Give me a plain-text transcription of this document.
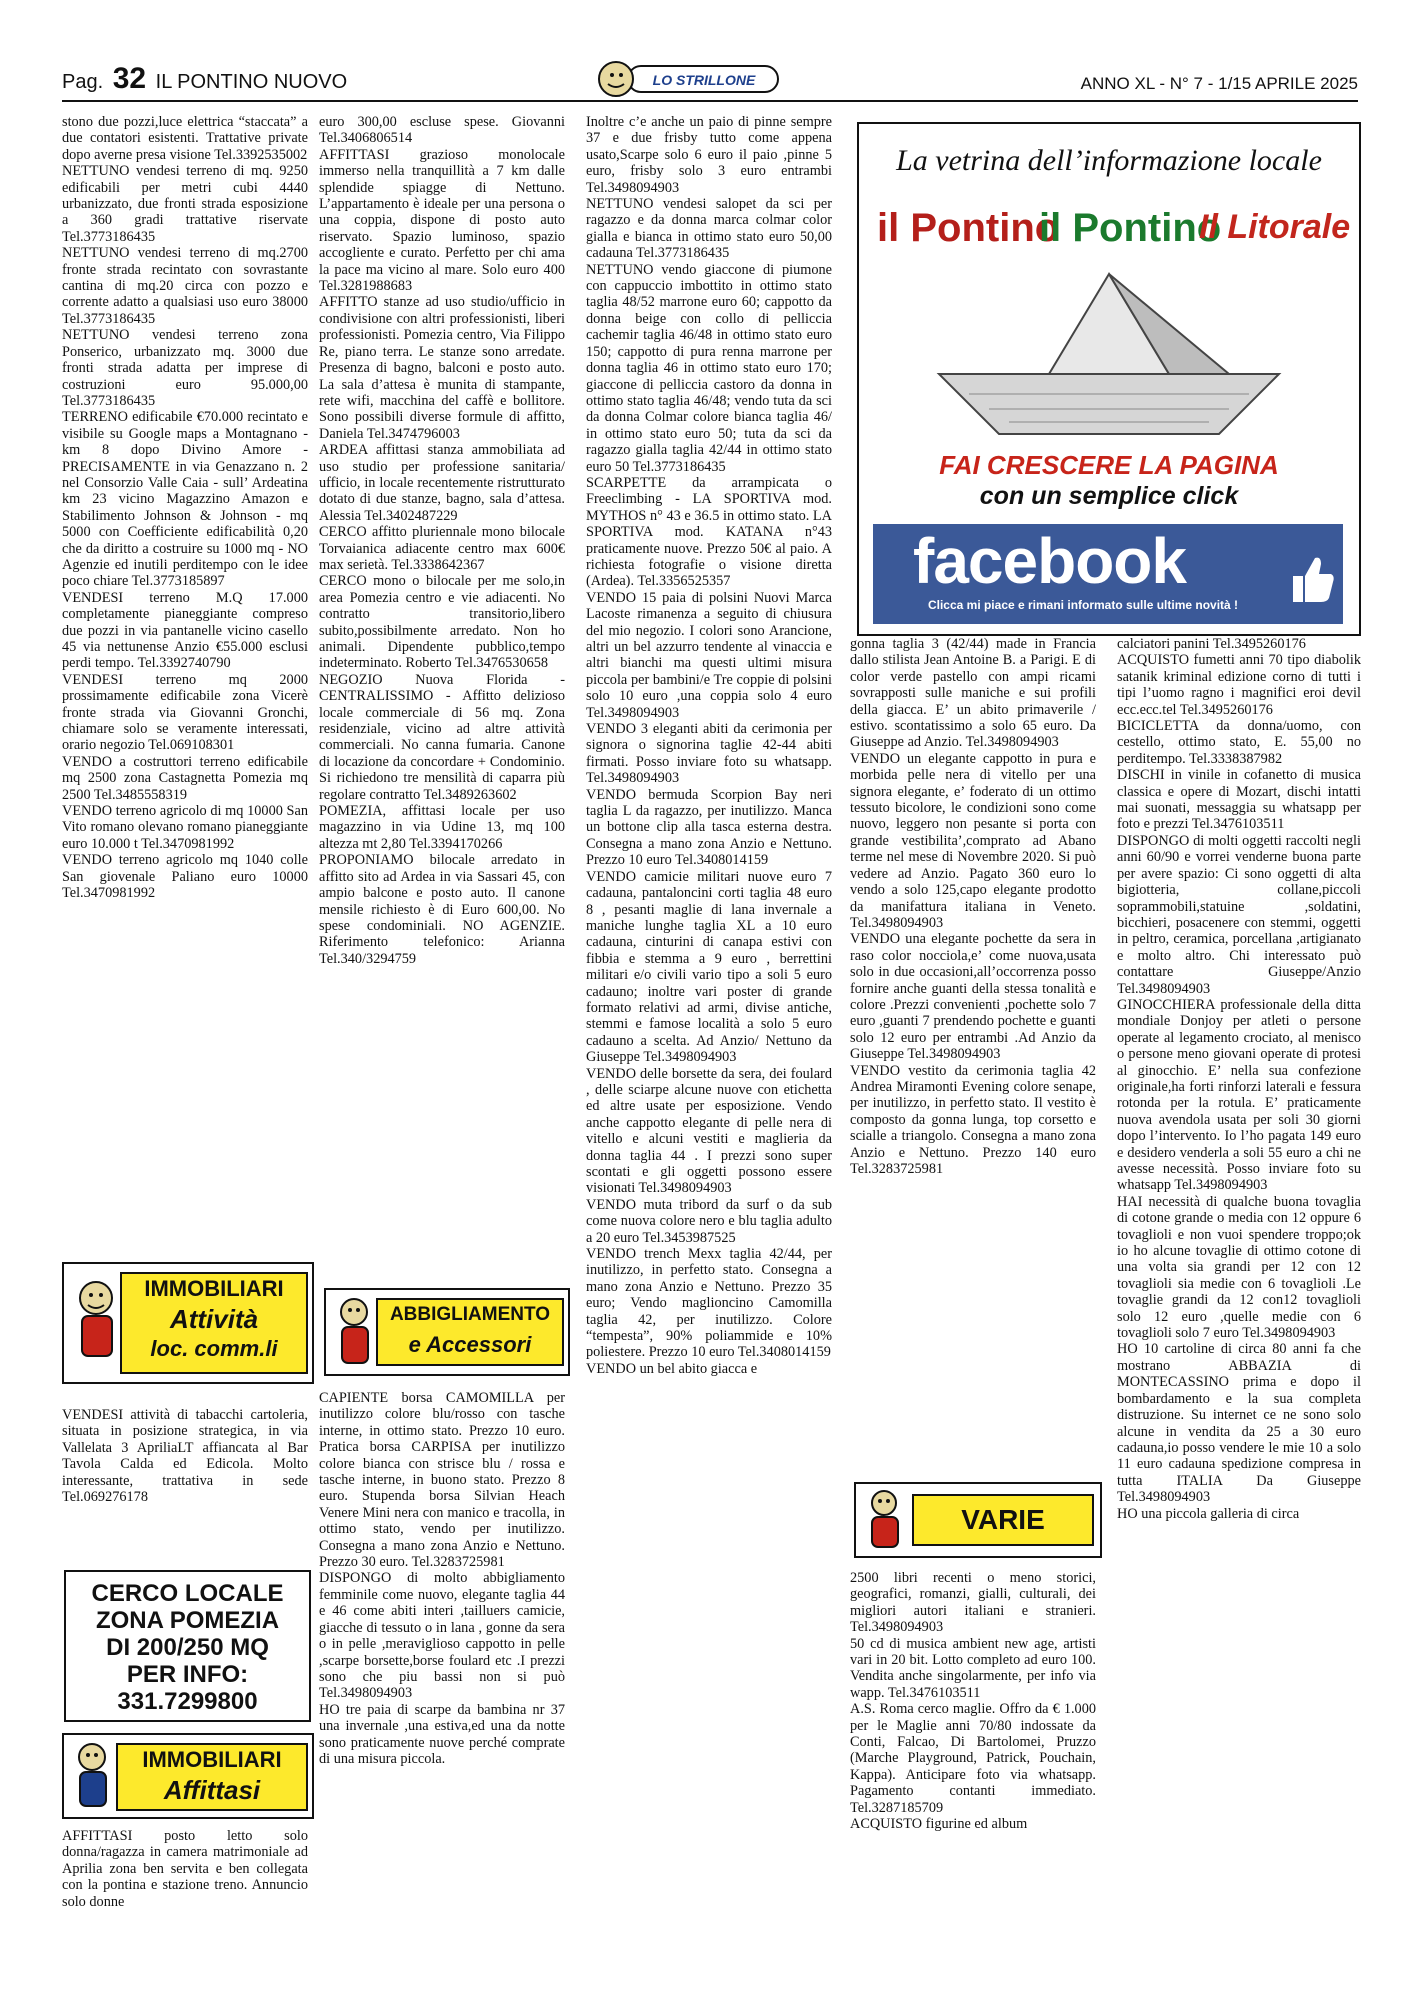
Pag. 32 IL PONTINO NUOVO	LO STRILLONE	ANNO XL - N° 7 - 1/15 APRILE 2025

stono due pozzi,luce elettrica “staccata” a due contatori esistenti. Trattative private dopo averne presa visione Tel.3392535002

NETTUNO vendesi terreno di mq. 9250 edificabili per metri cubi 4440 urbanizzato, due fronti strada esposizione a 360 gradi trattative riservate Tel.3773186435

NETTUNO vendesi terreno di mq.2700 fronte strada recintato con sovrastante cantina di mq.20 circa con pozzo e corrente adatto a qualsiasi uso euro 38000 Tel.3773186435

NETTUNO vendesi terreno zona Ponserico, urbanizzato mq. 3000 due fronti strada adatta per imprese di costruzioni euro 95.000,00 Tel.3773186435

TERRENO edificabile €70.000 recintato e visibile su Google maps a Montagnano - km 8 dopo Divino Amore - PRECISAMENTE in via Genazzano n. 2 nel Consorzio Valle Caia - sull’ Ardeatina km 23 vicino Magazzino Amazon e Stabilimento Johnson & Johnson - mq 5000 con Coefficiente edificabilità 0,20 che da diritto a costruire su 1000 mq - NO Agenzie ed inutili perditempo con le idee poco chiare Tel.3773185897

VENDESI terreno M.Q 17.000 completamente pianeggiante compreso due pozzi in via pantanelle vicino casello 45 via nettunense Anzio €55.000 esclusi perdi tempo. Tel.3392740790

VENDESI terreno mq 2000 prossimamente edificabile zona Vicerè fronte strada via Giovanni Gronchi, chiamare solo se veramente interessati, orario negozio Tel.069108301

VENDO a costruttori terreno edificabile mq 2500 zona Castagnetta Pomezia mq 2500 Tel.3485558319

VENDO terreno agricolo di mq 10000 San Vito romano olevano romano pianeggiante euro 10.000 t Tel.3470981992

VENDO terreno agricolo mq 1040 colle San giovenale Paliano euro 10000 Tel.3470981992

IMMOBILIARI
Attività
loc. comm.li

VENDESI attività di tabacchi cartoleria, situata in posizione strategica, in via Vallelata 3 ApriliaLT affiancata al Bar Tavola Calda ed Edicola. Molto interessante, trattativa in sede Tel.069276178

CERCO LOCALE
ZONA POMEZIA
DI 200/250 MQ
PER INFO:
331.7299800
IMMOBILIARI
Affittasi

AFFITTASI posto letto solo donna/ragazza in camera matrimoniale ad Aprilia zona ben servita e ben collegata con la pontina e stazione treno. Annuncio solo donne

euro 300,00 escluse spese. Giovanni Tel.3406806514

AFFITTASI grazioso monolocale immerso nella tranquillità a 7 km dalle splendide spiagge di Nettuno. L’appartamento è ideale per una persona o una coppia, dispone di posto auto riservato. Spazio luminoso, spazio accogliente e curato. Perfetto per chi ama la pace ma vicino al mare. Solo euro 400 Tel.3281988683

AFFITTO stanze ad uso studio/ufficio in condivisione con altri professionisti, liberi professionisti. Pomezia centro, Via Filippo Re, piano terra. Le stanze sono arredate. Presenza di bagno, balconi e posto auto. La sala d’attesa è munita di stampante, rete wifi, macchina del caffè e bollitore. Sono possibili diverse formule di affitto, Daniela Tel.3474796003

ARDEA affittasi stanza ammobiliata ad uso studio per professione sanitaria/ ufficio, in locale recentemente ristrutturato dotato di due stanze, bagno, sala d’attesa. Alessia Tel.3402487229

CERCO affitto pluriennale mono bilocale Torvaianica adiacente centro max 600€ max serietà. Tel.3338642367

CERCO mono o bilocale per me solo,in area Pomezia centro e vie adiacenti. No contratto transitorio,libero subito,possibilmente arredato. Non ho animali. Dipendente pubblico,tempo indeterminato. Roberto Tel.3476530658

NEGOZIO Nuova Florida - CENTRALISSIMO - Affitto delizioso locale commerciale di 56 mq. Zona residenziale, vicino ad altre attività commerciali. No canna fumaria. Canone di locazione da concordare + Condominio. Si richiedono tre mensilità di caparra più regolare contratto Tel.3489263602

POMEZIA, affittasi locale per uso magazzino in via Udine 13, mq 100 altezza mt 2,80 Tel.3394170266

PROPONIAMO bilocale arredato in affitto sito ad Ardea in via Sassari 45, con ampio balcone e posto auto. Il canone mensile richiesto è di Euro 600,00. No spese condominiali. NO AGENZIE. Riferimento telefonico: Arianna Tel.340/3294759

ABBIGLIAMENTO
e Accessori

CAPIENTE borsa CAMOMILLA per inutilizzo colore blu/rosso con tasche interne, in ottimo stato. Prezzo 10 euro. Pratica borsa CARPISA per inutilizzo colore bianca con strisce blu / rossa e tasche interne, in buono stato. Prezzo 8 euro. Stupenda borsa Silvian Heach Venere Mini nera con manico e tracolla, in ottimo stato, vendo per inutilizzo. Consegna a mano zona Anzio e Nettuno. Prezzo 30 euro. Tel.3283725981

DISPONGO di molto abbigliamento femminile come nuovo, elegante taglia 44 e 46 come abiti interi ,tailluers camicie, giacche di tessuto o in lana , gonne da sera o in pelle ,meraviglioso cappotto in pelle ,scarpe borsette,borse foulard etc .I prezzi sono che piu bassi non si può Tel.3498094903

HO tre paia di scarpe da bambina nr 37 una invernale ,una estiva,ed una da notte sono praticamente nuove perché comprate di una misura piccola.

Inoltre c’e anche un paio di pinne sempre 37 e due frisby tutto come appena usato,Scarpe solo 6 euro il paio ,pinne 5 euro, frisby solo 3 euro entrambi Tel.3498094903

NETTUNO vendesi salopet da sci per ragazzo e da donna marca colmar color gialla e bianca in ottimo stato euro 50,00 cadauna Tel.3773186435

NETTUNO vendo giaccone di piumone con cappuccio imbottito in ottimo stato taglia 48/52 marrone euro 60; cappotto da donna beige con collo di pelliccia cachemir taglia 46/48 in ottimo stato euro 150; cappotto di pura renna marrone per donna taglia 46 in ottimo stato euro 170; giaccone di pelliccia castoro da donna in ottimo stato taglia 46/48; vendo tuta da sci da donna Colmar colore bianca taglia 46/ in ottimo stato euro 50; tuta da sci da ragazzo gialla taglia 42/44 in ottimo stato euro 50 Tel.3773186435

SCARPETTE da arrampicata o Freeclimbing - LA SPORTIVA mod. MYTHOS n° 43 e 36.5 in ottimo stato. LA SPORTIVA mod. KATANA n°43 praticamente nuove. Prezzo 50€ al paio. A richiesta fotografie o visione diretta (Ardea). Tel.3356525357

VENDO 15 paia di polsini Nuovi Marca Lacoste rimanenza a seguito di chiusura del mio negozio. I colori sono Arancione, altri un bel azzurro tendente al vinaccia e altri bianchi ma questi ultimi misura piccola per bambini/e Tre coppie di polsini solo 10 euro ,una coppia solo 4 euro Tel.3498094903

VENDO 3 eleganti abiti da cerimonia per signora o signorina taglie 42-44 abiti firmati. Posso inviare foto su whatsapp. Tel.3498094903

VENDO bermuda Scorpion Bay neri taglia L da ragazzo, per inutilizzo. Manca un bottone clip alla tasca esterna destra. Consegna a mano zona Anzio e Nettuno. Prezzo 10 euro Tel.3408014159

VENDO camicie militari nuove euro 7 cadauna, pantaloncini corti taglia 48 euro 8 , pesanti maglie di lana invernale a maniche lunghe taglia XL a 10 euro cadauna, cinturini di canapa estivi con fibbia e stemma a 9 euro , berrettini militari e/o civili vario tipo a soli 5 euro cadauno; inoltre vari poster di grande formato relativi ad armi, divise antiche, stemmi e famose località a solo 5 euro cadauno a scelta. Ad Anzio/ Nettuno da Giuseppe Tel.3498094903

VENDO delle borsette da sera, dei foulard , delle sciarpe alcune nuove con etichetta ed altre usate per esposizione. Vendo anche cappotto elegante di pelle nera di vitello e alcuni vestiti e maglieria da donna taglia 44 . I prezzi sono super scontati e gli oggetti possono essere visionati Tel.3498094903

VENDO muta tribord da surf o da sub come nuova colore nero e blu taglia adulto a 20 euro Tel.3453987525

VENDO trench Mexx taglia 42/44, per inutilizzo, in perfetto stato. Consegna a mano zona Anzio e Nettuno. Prezzo 35 euro; Vendo maglioncino Camomilla taglia 42, per inutilizzo. Colore “tempesta”, 90% poliammide e 10% poliestere. Prezzo 10 euro Tel.3408014159

VENDO un bel abito giacca e

La vetrina dell’informazione locale
il Pontino
il Pontino
Il Litorale
FAI CRESCERE LA PAGINA
con un semplice click
facebook
Clicca mi piace e rimani informato sulle ultime novità !

gonna taglia 3 (42/44) made in Francia dallo stilista Jean Antoine B. a Parigi. E di color verde pastello con ampi ricami sovrapposti sulle maniche e sui profili della giacca. E’ un abito primaverile / estivo. scontatissimo a solo 65 euro. Da Giuseppe ad Anzio. Tel.3498094903

VENDO un elegante cappotto in pura e morbida pelle nera di vitello per una signora elegante, e’ foderato di un ottimo tessuto bicolore, le condizioni sono come nuovo, leggero non pesante si porta con grande vestibilita’,comprato ad Abano terme nel mese di Novembre 2020. Si può vedere ad Anzio. Pagato 360 euro lo vendo a solo 125,capo elegante prodotto da manifattura italiana in Veneto. Tel.3498094903

VENDO una elegante pochette da sera in raso color nocciola,e’ come nuova,usata solo in due occasioni,all’occorrenza posso fornire anche guanti della stessa tonalità e colore .Prezzi convenienti ,pochette solo 7 euro ,guanti 7 prendendo pochette e guanti solo 12 euro per entrambi .Ad Anzio da Giuseppe Tel.3498094903

VENDO vestito da cerimonia taglia 42 Andrea Miramonti Evening colore senape, per inutilizzo, in perfetto stato. Il vestito è composto da gonna lunga, top corsetto e scialle a triangolo. Consegna a mano zona Anzio e Nettuno. Prezzo 140 euro Tel.3283725981

VARIE

2500 libri recenti o meno storici, geografici, romanzi, gialli, culturali, dei migliori autori italiani e stranieri. Tel.3498094903

50 cd di musica ambient new age, artisti vari in 20 bit. Lotto completo ad euro 100. Vendita anche singolarmente, per info via wapp. Tel.3476103511

A.S. Roma cerco maglie. Offro da € 1.000 per le Maglie anni 70/80 indossate da Conti, Falcao, Di Bartolomei, Pruzzo (Marche Playground, Patrick, Pouchain, Kappa). Anticipare foto via whatsapp. Pagamento contanti immediato. Tel.3287185709

ACQUISTO figurine ed album

calciatori panini Tel.3495260176

ACQUISTO fumetti anni 70 tipo diabolik satanik kriminal edizione corno di tutti i tipi l’uomo ragno i magnifici eroi devil ecc.ecc.tel Tel.3495260176

BICICLETTA da donna/uomo, con cestello, ottimo stato, E. 55,00 no perditempo. Tel.3338387982

DISCHI in vinile in cofanetto di musica classica e opere di Mozart, dischi intatti mai suonati, messaggia su whatsapp per foto e prezzi Tel.3476103511

DISPONGO di molti oggetti raccolti negli anni 60/90 e vorrei venderne buona parte per avere spazio: Ci sono oggetti di alta bigiotteria, collane,piccoli soprammobili,statuine ,soldatini, bicchieri, posacenere con stemmi, oggetti in peltro, ceramica, porcellana ,artigianato e molto altro. Chi interessato può contattare Giuseppe/Anzio Tel.3498094903

GINOCCHIERA professionale della ditta mondiale Donjoy per atleti o persone operate al legamento crociato, al menisco o persone meno giovani operate di protesi al ginocchio. E’ nella sua confezione originale,ha forti rinforzi laterali e fessura rotonda per la rotula. E’ praticamente nuova avendola usata per soli 30 giorni dopo l’intervento. Io l’ho pagata 149 euro e desidero venderla a soli 55 euro a chi ne avesse necessità. Posso inviare foto su whatsapp Tel.3498094903

HAI necessità di qualche buona tovaglia di cotone grande o media con 12 oppure 6 tovaglioli e non vuoi spendere troppo;ok io ho alcune tovaglie di ottimo cotone di una volta sia grandi per 12 con 12 tovaglioli sia medie con 6 tovaglioli .Le tovaglie grandi da 12 con12 tovaglioli solo 12 euro ,quelle medie con 6 tovaglioli solo 7 euro Tel.3498094903

HO 10 cartoline di circa 80 anni fa che mostrano ABBAZIA di MONTECASSINO prima e dopo il bombardamento e la sua completa distruzione. Su internet ce ne sono solo alcune in vendita da 25 a 30 euro cadauna,io posso vendere le mie 10 a solo 11 euro cadauna spedizione compresa in tutta ITALIA Da Giuseppe Tel.3498094903

HO una piccola galleria di circa
